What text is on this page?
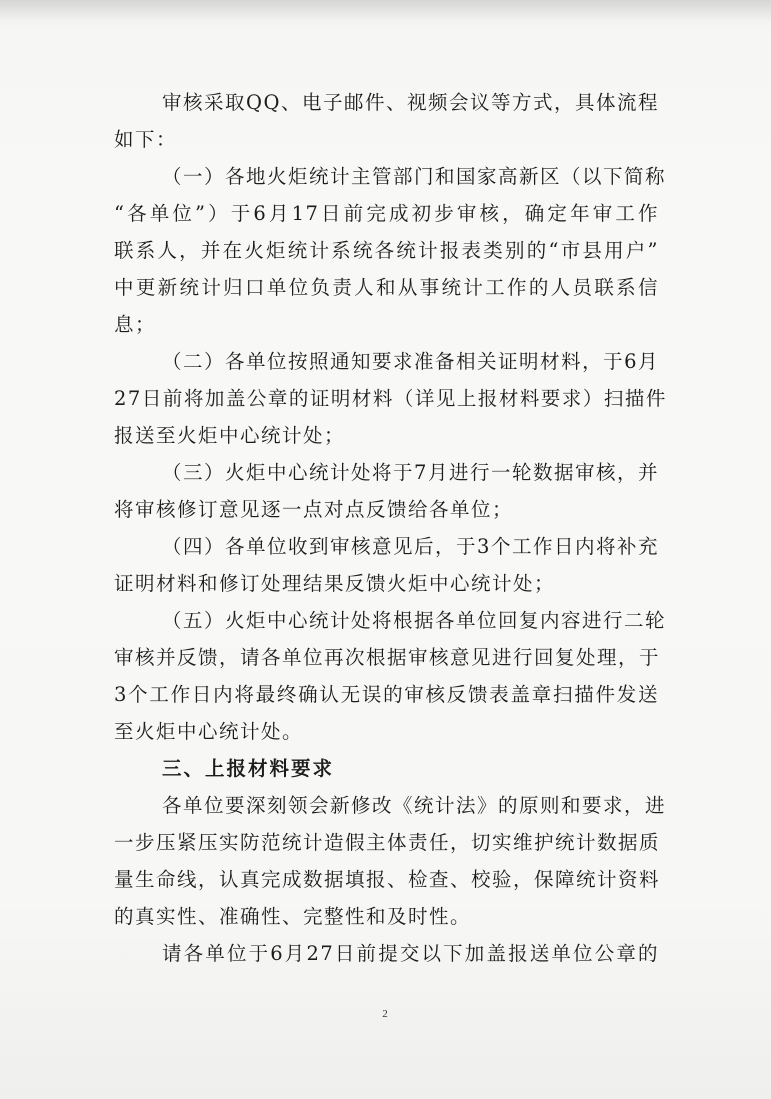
审核采取QQ、电子邮件、视频会议等方式，具体流程
如下：
（一）各地火炬统计主管部门和国家高新区（以下简称
“各单位”）于6月17日前完成初步审核，确定年审工作
联系人，并在火炬统计系统各统计报表类别的“市县用户”
中更新统计归口单位负责人和从事统计工作的人员联系信
息；
（二）各单位按照通知要求准备相关证明材料，于6月
27日前将加盖公章的证明材料（详见上报材料要求）扫描件
报送至火炬中心统计处；
（三）火炬中心统计处将于7月进行一轮数据审核，并
将审核修订意见逐一点对点反馈给各单位；
（四）各单位收到审核意见后，于3个工作日内将补充
证明材料和修订处理结果反馈火炬中心统计处；
（五）火炬中心统计处将根据各单位回复内容进行二轮
审核并反馈，请各单位再次根据审核意见进行回复处理，于
3个工作日内将最终确认无误的审核反馈表盖章扫描件发送
至火炬中心统计处。
三、上报材料要求
各单位要深刻领会新修改《统计法》的原则和要求，进
一步压紧压实防范统计造假主体责任，切实维护统计数据质
量生命线，认真完成数据填报、检查、校验，保障统计资料
的真实性、准确性、完整性和及时性。
请各单位于6月27日前提交以下加盖报送单位公章的
2
